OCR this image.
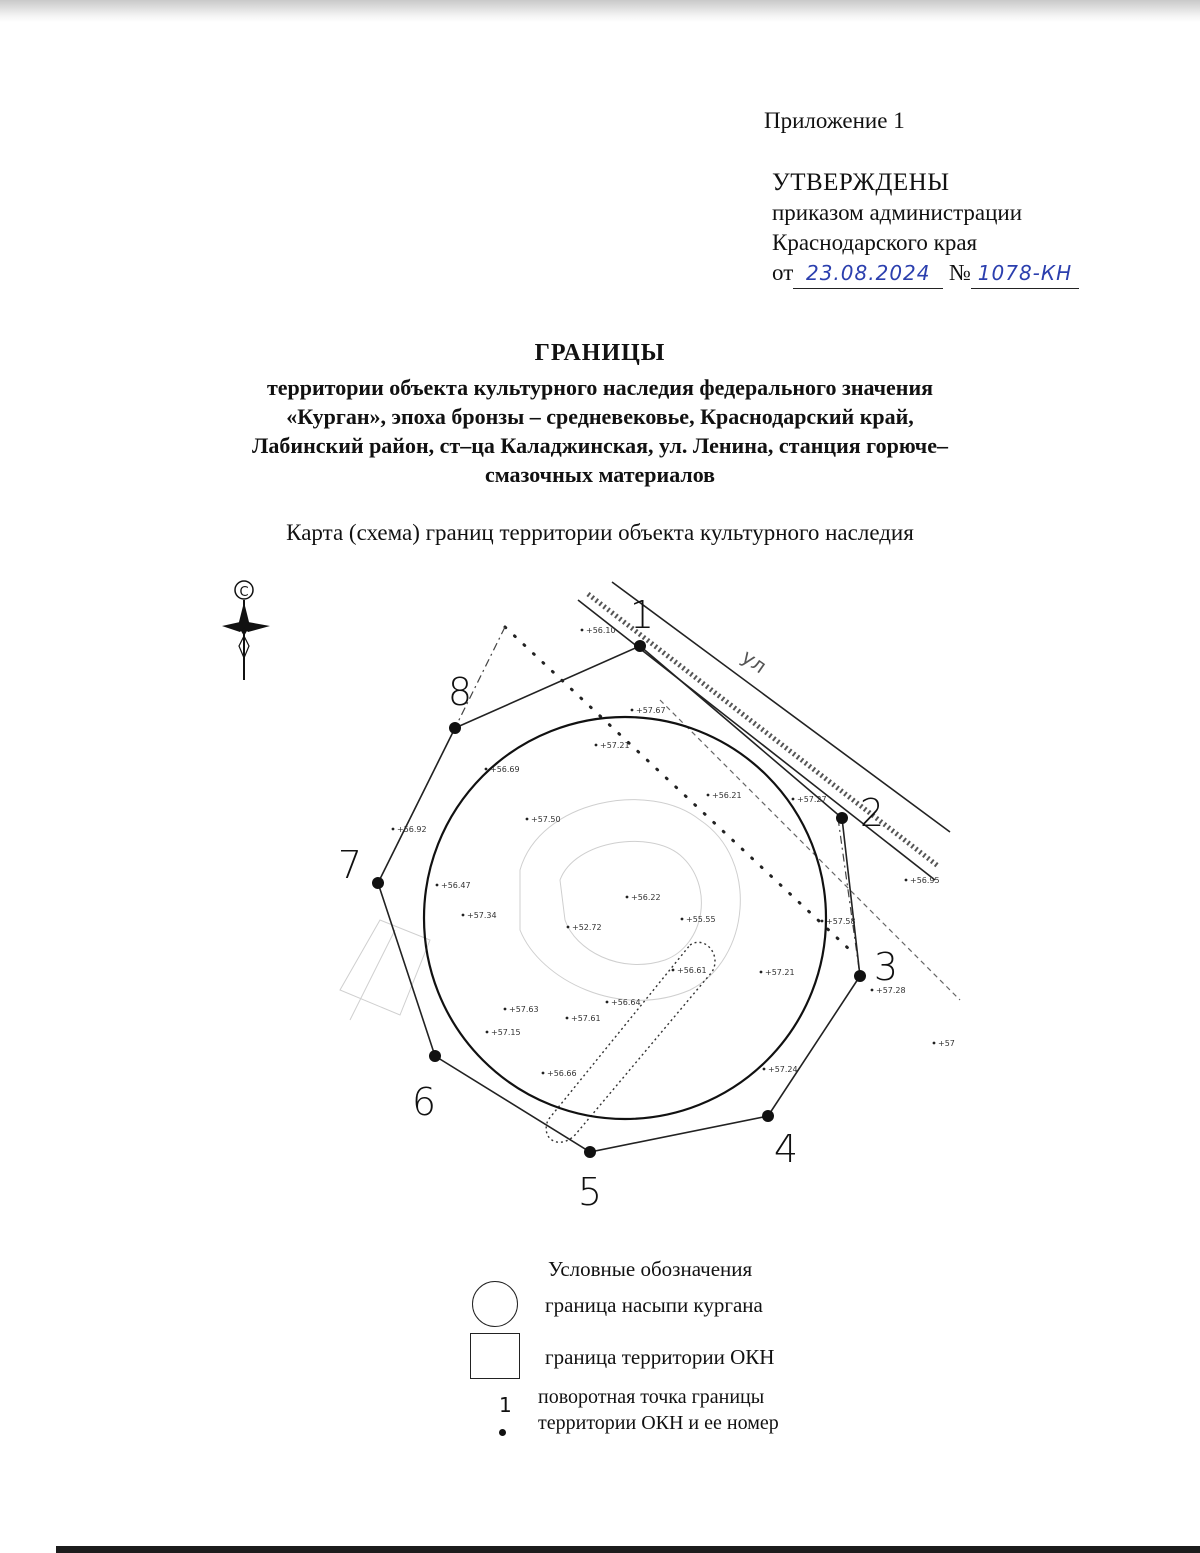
Приложение 1
УТВЕРЖДЕНЫ
приказом администрации
Краснодарского края
от 23.08.2024 № 1078-КН
ГРАНИЦЫ
территории объекта культурного наследия федерального значения
«Курган», эпоха бронзы – средневековье, Краснодарский край,
Лабинский район, ст–ца Каладжинская, ул. Ленина, станция горюче–
смазочных материалов
Карта (схема) границ территории объекта культурного наследия
С
ул
+56.10
+57.67
+57.21
+56.69
+57.50
+56.21	+57.27
+56.92
+56.47
+57.34
+56.22
+52.72
+55.55	+57.58
+57.21
+56.64
+57.63
+57.61
+57.15
+57.24
+57.28
+56.66
+56.95
+56.61
+57
1
2
3
4
5
6
7
8
Условные обозначения
граница насыпи кургана
граница территории ОКН
1 поворотная точка границы
территории ОКН и ее номер
